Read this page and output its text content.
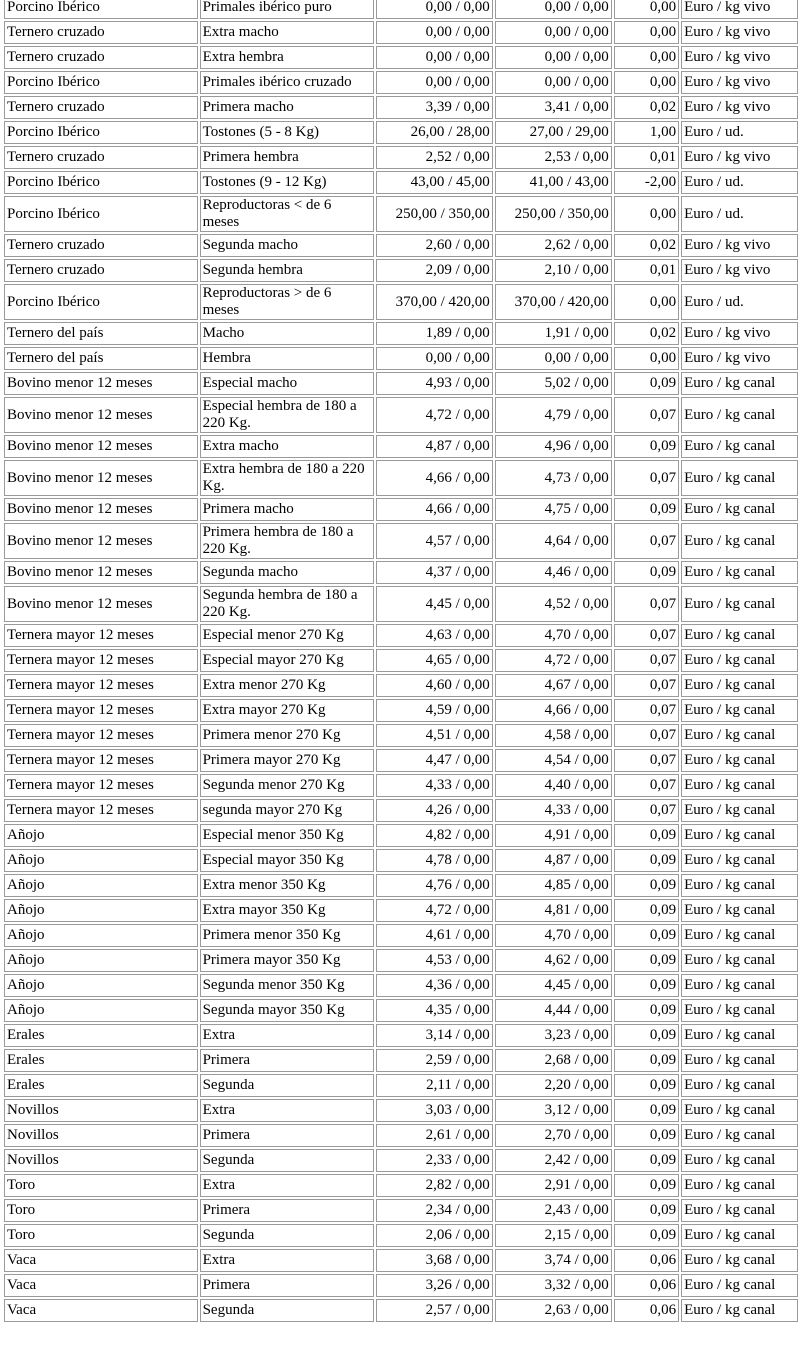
Porcino Ibérico	Primales ibérico puro	0,00 / 0,00	0,00 / 0,00	0,00	Euro / kg vivo
Ternero cruzado	Extra macho	0,00 / 0,00	0,00 / 0,00	0,00	Euro / kg vivo
Ternero cruzado	Extra hembra	0,00 / 0,00	0,00 / 0,00	0,00	Euro / kg vivo
Porcino Ibérico	Primales ibérico cruzado	0,00 / 0,00	0,00 / 0,00	0,00	Euro / kg vivo
Ternero cruzado	Primera macho	3,39 / 0,00	3,41 / 0,00	0,02	Euro / kg vivo
Porcino Ibérico	Tostones (5 - 8 Kg)	26,00 / 28,00	27,00 / 29,00	1,00	Euro / ud.
Ternero cruzado	Primera hembra	2,52 / 0,00	2,53 / 0,00	0,01	Euro / kg vivo
Porcino Ibérico	Tostones (9 - 12 Kg)	43,00 / 45,00	41,00 / 43,00	-2,00	Euro / ud.
Porcino Ibérico	Reproductoras < de 6 meses	250,00 / 350,00	250,00 / 350,00	0,00	Euro / ud.
Ternero cruzado	Segunda macho	2,60 / 0,00	2,62 / 0,00	0,02	Euro / kg vivo
Ternero cruzado	Segunda hembra	2,09 / 0,00	2,10 / 0,00	0,01	Euro / kg vivo
Porcino Ibérico	Reproductoras > de 6 meses	370,00 / 420,00	370,00 / 420,00	0,00	Euro / ud.
Ternero del país	Macho	1,89 / 0,00	1,91 / 0,00	0,02	Euro / kg vivo
Ternero del país	Hembra	0,00 / 0,00	0,00 / 0,00	0,00	Euro / kg vivo
Bovino menor 12 meses	Especial macho	4,93 / 0,00	5,02 / 0,00	0,09	Euro / kg canal
Bovino menor 12 meses	Especial hembra de 180 a 220 Kg.	4,72 / 0,00	4,79 / 0,00	0,07	Euro / kg canal
Bovino menor 12 meses	Extra macho	4,87 / 0,00	4,96 / 0,00	0,09	Euro / kg canal
Bovino menor 12 meses	Extra hembra de 180 a 220 Kg.	4,66 / 0,00	4,73 / 0,00	0,07	Euro / kg canal
Bovino menor 12 meses	Primera macho	4,66 / 0,00	4,75 / 0,00	0,09	Euro / kg canal
Bovino menor 12 meses	Primera hembra de 180 a 220 Kg.	4,57 / 0,00	4,64 / 0,00	0,07	Euro / kg canal
Bovino menor 12 meses	Segunda macho	4,37 / 0,00	4,46 / 0,00	0,09	Euro / kg canal
Bovino menor 12 meses	Segunda hembra de 180 a 220 Kg.	4,45 / 0,00	4,52 / 0,00	0,07	Euro / kg canal
Ternera mayor 12 meses	Especial menor 270 Kg	4,63 / 0,00	4,70 / 0,00	0,07	Euro / kg canal
Ternera mayor 12 meses	Especial mayor 270 Kg	4,65 / 0,00	4,72 / 0,00	0,07	Euro / kg canal
Ternera mayor 12 meses	Extra menor 270 Kg	4,60 / 0,00	4,67 / 0,00	0,07	Euro / kg canal
Ternera mayor 12 meses	Extra mayor 270 Kg	4,59 / 0,00	4,66 / 0,00	0,07	Euro / kg canal
Ternera mayor 12 meses	Primera menor 270 Kg	4,51 / 0,00	4,58 / 0,00	0,07	Euro / kg canal
Ternera mayor 12 meses	Primera mayor 270 Kg	4,47 / 0,00	4,54 / 0,00	0,07	Euro / kg canal
Ternera mayor 12 meses	Segunda menor 270 Kg	4,33 / 0,00	4,40 / 0,00	0,07	Euro / kg canal
Ternera mayor 12 meses	segunda mayor 270 Kg	4,26 / 0,00	4,33 / 0,00	0,07	Euro / kg canal
Añojo	Especial menor 350 Kg	4,82 / 0,00	4,91 / 0,00	0,09	Euro / kg canal
Añojo	Especial mayor 350 Kg	4,78 / 0,00	4,87 / 0,00	0,09	Euro / kg canal
Añojo	Extra menor 350 Kg	4,76 / 0,00	4,85 / 0,00	0,09	Euro / kg canal
Añojo	Extra mayor 350 Kg	4,72 / 0,00	4,81 / 0,00	0,09	Euro / kg canal
Añojo	Primera menor 350 Kg	4,61 / 0,00	4,70 / 0,00	0,09	Euro / kg canal
Añojo	Primera mayor 350 Kg	4,53 / 0,00	4,62 / 0,00	0,09	Euro / kg canal
Añojo	Segunda menor 350 Kg	4,36 / 0,00	4,45 / 0,00	0,09	Euro / kg canal
Añojo	Segunda mayor 350 Kg	4,35 / 0,00	4,44 / 0,00	0,09	Euro / kg canal
Erales	Extra	3,14 / 0,00	3,23 / 0,00	0,09	Euro / kg canal
Erales	Primera	2,59 / 0,00	2,68 / 0,00	0,09	Euro / kg canal
Erales	Segunda	2,11 / 0,00	2,20 / 0,00	0,09	Euro / kg canal
Novillos	Extra	3,03 / 0,00	3,12 / 0,00	0,09	Euro / kg canal
Novillos	Primera	2,61 / 0,00	2,70 / 0,00	0,09	Euro / kg canal
Novillos	Segunda	2,33 / 0,00	2,42 / 0,00	0,09	Euro / kg canal
Toro	Extra	2,82 / 0,00	2,91 / 0,00	0,09	Euro / kg canal
Toro	Primera	2,34 / 0,00	2,43 / 0,00	0,09	Euro / kg canal
Toro	Segunda	2,06 / 0,00	2,15 / 0,00	0,09	Euro / kg canal
Vaca	Extra	3,68 / 0,00	3,74 / 0,00	0,06	Euro / kg canal
Vaca	Primera	3,26 / 0,00	3,32 / 0,00	0,06	Euro / kg canal
Vaca	Segunda	2,57 / 0,00	2,63 / 0,00	0,06	Euro / kg canal
